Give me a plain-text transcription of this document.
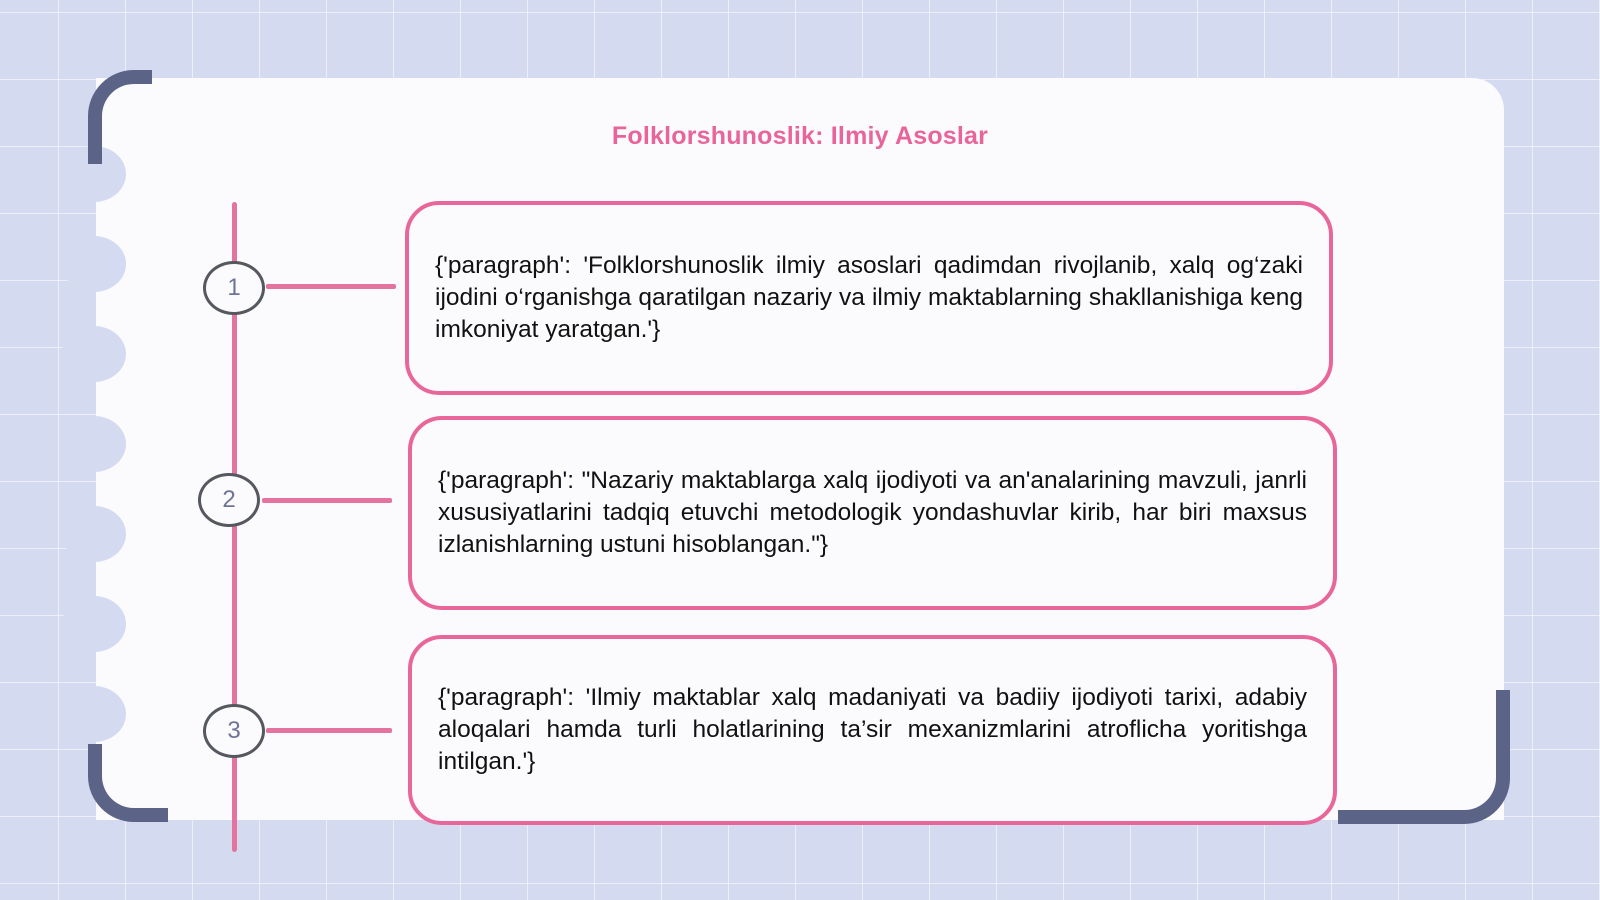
Folklorshunoslik: Ilmiy Asoslar
1
{'paragraph': 'Folklorshunoslik ilmiy asoslari qadimdan rivojlanib, xalq og‘zaki ijodini o‘rganishga qaratilgan nazariy va ilmiy maktablarning shakllanishiga keng imkoniyat yaratgan.'}
2
{'paragraph': "Nazariy maktablarga xalq ijodiyoti va an'analarining mavzuli, janrli xususiyatlarini tadqiq etuvchi metodologik yondashuvlar kirib, har biri maxsus izlanishlarning ustuni hisoblangan."}
3
{'paragraph': 'Ilmiy maktablar xalq madaniyati va badiiy ijodiyoti tarixi, adabiy aloqalari hamda turli holatlarining ta’sir mexanizmlarini atroflicha yoritishga intilgan.'}
